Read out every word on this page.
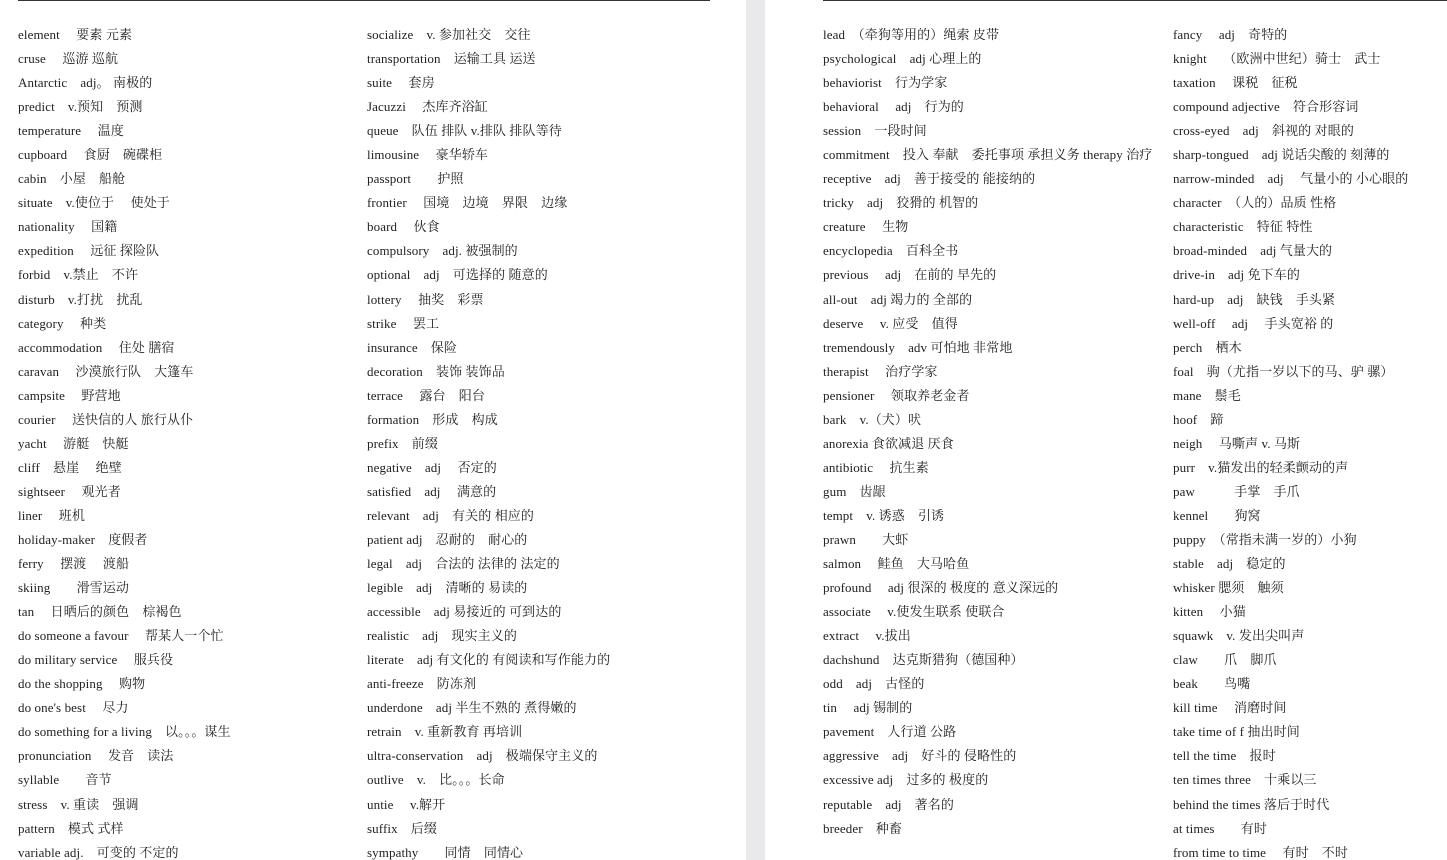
element　 要素 元素
cruse　 巡游 巡航
Antarctic　adj。 南极的
predict　v.预知　预测
temperature　 温度
cupboard　 食厨　碗碟柜
cabin　小屋　船舱
situate　v.使位于　 使处于
nationality　 国籍
expedition　 远征 探险队
forbid　v.禁止　不许
disturb　v.打扰　扰乱
category　 种类
accommodation　 住处 膳宿
caravan　 沙漠旅行队　大篷车
campsite　 野营地
courier　 送快信的人 旅行从仆
yacht　 游艇　快艇
cliff　悬崖　 绝壁
sightseer　 观光者
liner　 班机
holiday-maker　度假者
ferry　 摆渡　 渡船
skiing　　滑雪运动
tan　 日晒后的颜色　棕褐色
do someone a favour　 帮某人一个忙
do military service　 服兵役
do the shopping　 购物
do one's best　 尽力
do something for a living　以。。。谋生
pronunciation　 发音　读法
syllable　　音节
stress　v. 重读　强调
pattern　模式 式样
variable adj.　可变的 不定的
socialize　v. 参加社交　交往
transportation　运输工具 运送
suite　 套房
Jacuzzi　 杰库齐浴缸
queue　队伍 排队 v.排队 排队等待
limousine　 豪华轿车
passport　　护照
frontier　 国境　边境　界限　边缘
board　 伙食
compulsory　adj. 被强制的
optional　adj　可选择的 随意的
lottery　 抽奖　彩票
strike　 罢工
insurance　保险
decoration　装饰 装饰品
terrace　 露台　阳台
formation　形成　构成
prefix　前缀
negative　adj　 否定的
satisfied　adj　 满意的
relevant　adj　有关的 相应的
patient adj　忍耐的　耐心的
legal　adj　合法的 法律的 法定的
legible　adj　清晰的 易读的
accessible　adj 易接近的 可到达的
realistic　adj　现实主义的
literate　adj 有文化的 有阅读和写作能力的
anti-freeze　防冻剂
underdone　adj 半生不熟的 煮得嫩的
retrain　v. 重新教育 再培训
ultra-conservation　adj　极端保守主义的
outlive　v.　比。。。长命
untie　 v.解开
suffix　后缀
sympathy　　同情　同情心
lead　（牵狗等用的）绳索 皮带
psychological　adj 心理上的
behaviorist　行为学家
behavioral　 adj　行为的
session　一段时间
commitment　投入 奉献　委托事项 承担义务 therapy 治疗
receptive　adj　善于接受的 能接纳的
tricky　adj　狡猾的 机智的
creature　 生物
encyclopedia　百科全书
previous　 adj　在前的 早先的
all-out　adj 竭力的 全部的
deserve　 v. 应受　值得
tremendously　adv 可怕地 非常地
therapist　 治疗学家
pensioner　 领取养老金者
bark　v.（犬）吠
anorexia 食欲减退 厌食
antibiotic　 抗生素
gum　齿龈
tempt　v. 诱惑　引诱
prawn　　大虾
salmon　 鲑鱼　大马哈鱼
profound　 adj 很深的 极度的 意义深远的
associate　 v.使发生联系 使联合
extract　 v.拔出
dachshund　达克斯猎狗（德国种）
odd　adj　古怪的
tin　 adj 锡制的
pavement　人行道 公路
aggressive　adj　好斗的 侵略性的
excessive adj　过多的 极度的
reputable　adj　著名的
breeder　种畜
fancy　 adj　奇特的
knight　 （欧洲中世纪）骑士　武士
taxation　 课税　征税
compound adjective　符合形容词
cross-eyed　adj　斜视的 对眼的
sharp-tongued　adj 说话尖酸的 刻薄的
narrow-minded　adj　 气量小的 小心眼的
character　（人的）品质 性格
characteristic　特征 特性
broad-minded　adj 气量大的
drive-in　adj 免下车的
hard-up　adj　缺钱　手头紧
well-off　 adj　 手头宽裕 的
perch　栖木
foal　驹（尤指一岁以下的马、驴 骡）
mane　鬃毛
hoof　蹄
neigh　 马嘶声 v. 马斯
purr　v.猫发出的轻柔颤动的声
paw　　　手掌　手爪
kennel　　狗窝
puppy　（常指未满一岁的）小狗
stable　adj　稳定的
whisker 腮须　触须
kitten　 小猫
squawk　v. 发出尖叫声
claw　　爪　脚爪
beak　　鸟嘴
kill time　 消磨时间
take time of f 抽出时间
tell the time　报时
ten times three　十乘以三
behind the times 落后于时代
at times　　有时
from time to time　 有时　不时
